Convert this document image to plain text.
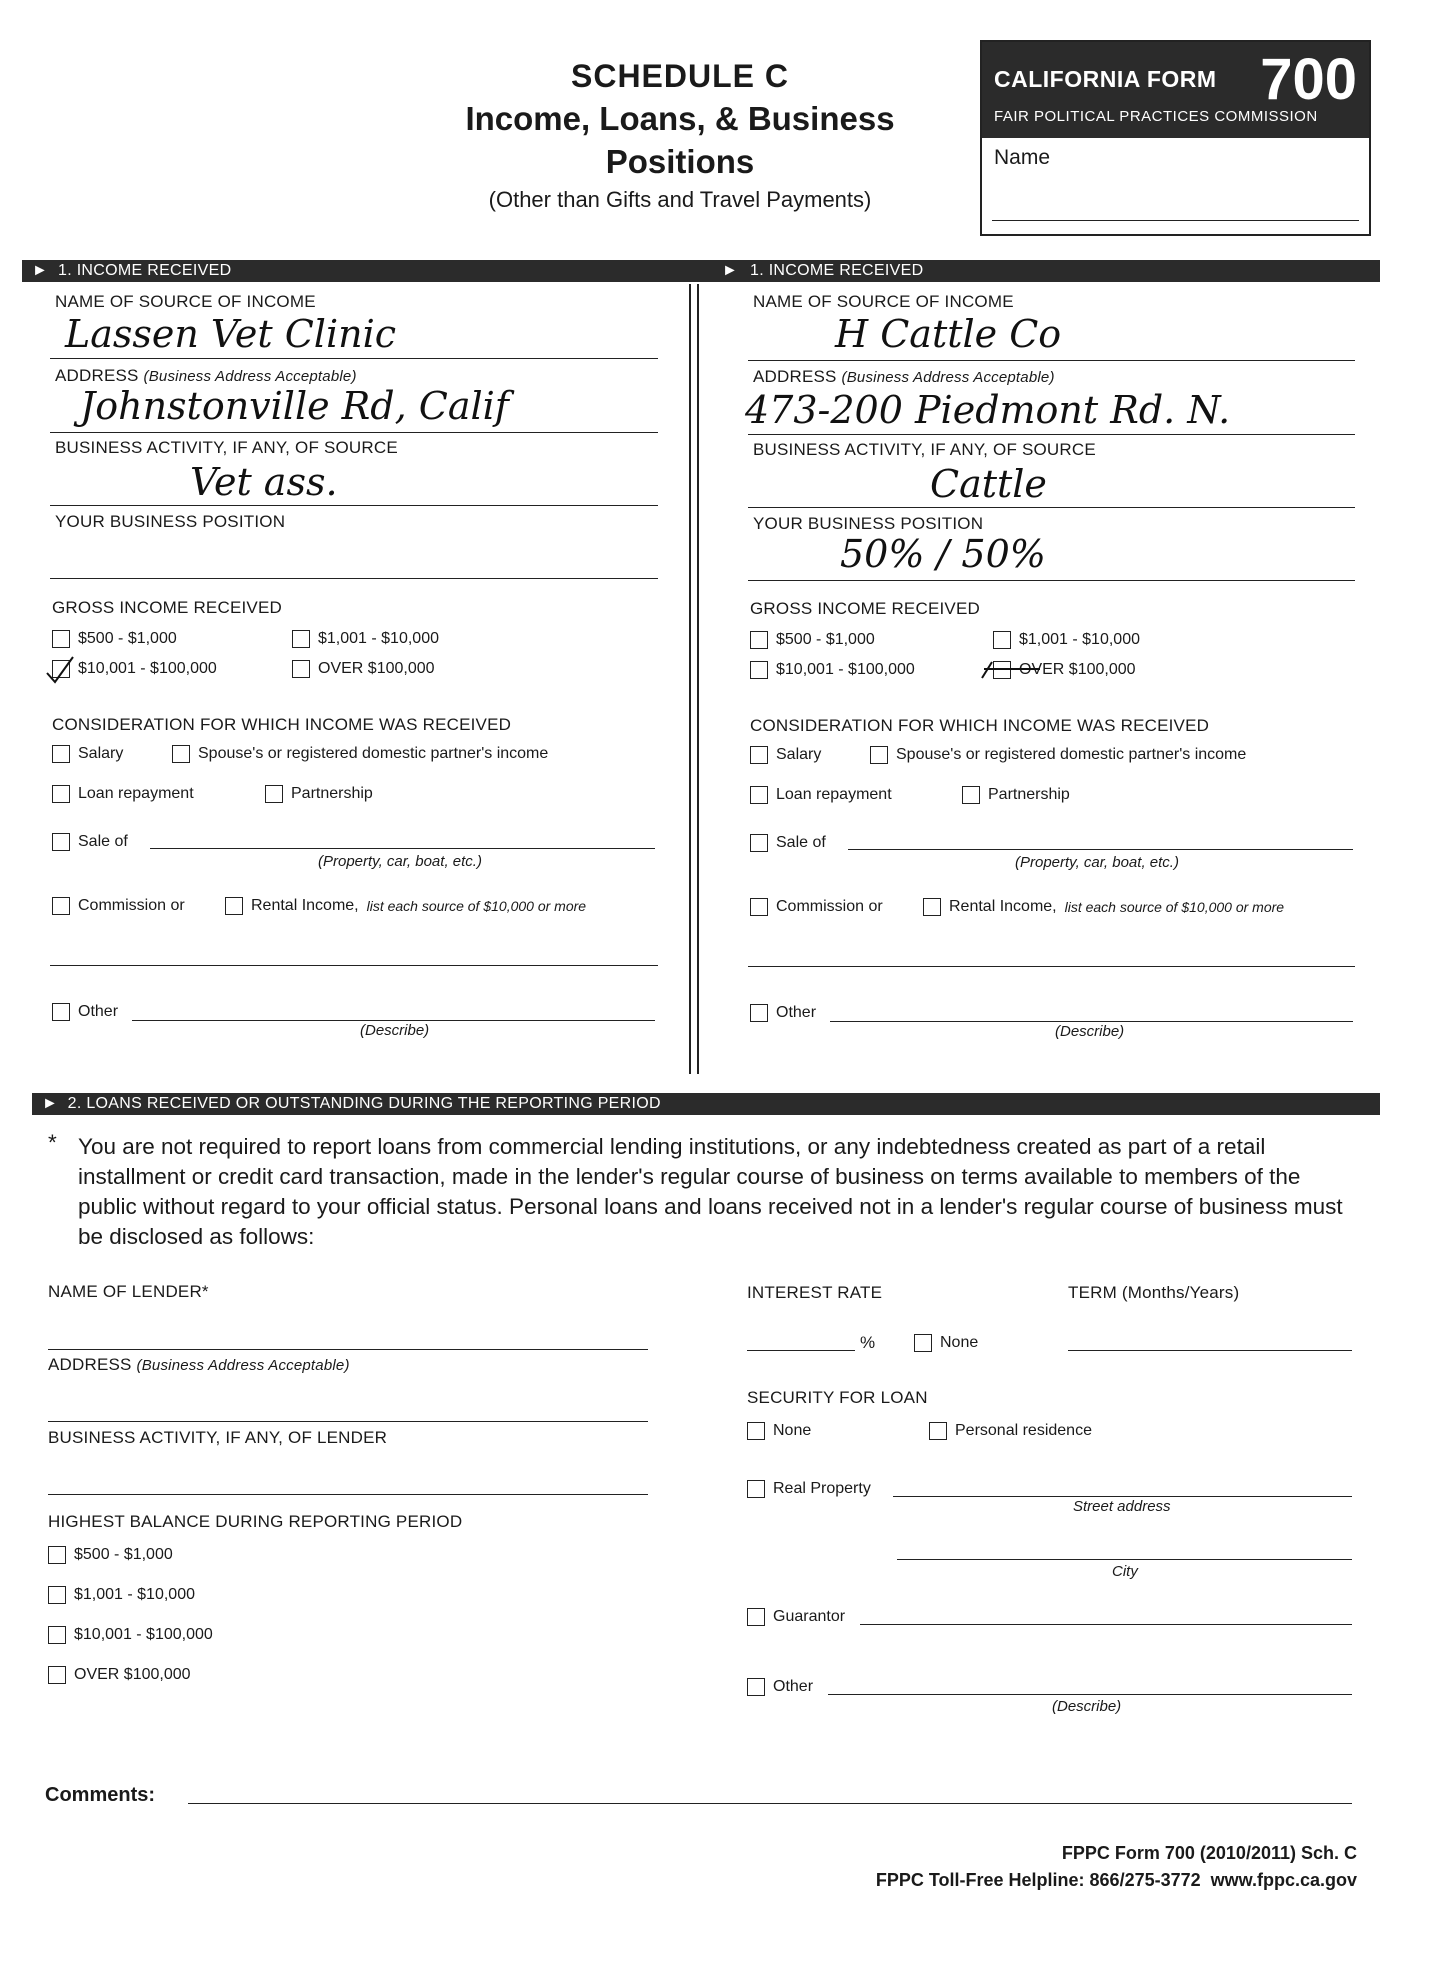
SCHEDULE C
Income, Loans, & Business
Positions
(Other than Gifts and Travel Payments)
CALIFORNIA FORM 700
FAIR POLITICAL PRACTICES COMMISSION
Name
► 1. INCOME RECEIVED	► 1. INCOME RECEIVED
NAME OF SOURCE OF INCOME
Lassen Vet Clinic
ADDRESS (Business Address Acceptable)
Johnstonville Rd, Calif
BUSINESS ACTIVITY, IF ANY, OF SOURCE
Vet ass.
YOUR BUSINESS POSITION
GROSS INCOME RECEIVED
$500 - $1,000	$1,001 - $10,000
$10,001 - $100,000	OVER $100,000
CONSIDERATION FOR WHICH INCOME WAS RECEIVED
Salary	Spouse's or registered domestic partner's income
Loan repayment	Partnership
Sale of
(Property, car, boat, etc.)
Commission or	Rental Income, list each source of $10,000 or more
Other
(Describe)
NAME OF SOURCE OF INCOME
H Cattle Co
ADDRESS (Business Address Acceptable)
473-200 Piedmont Rd. N.
BUSINESS ACTIVITY, IF ANY, OF SOURCE
Cattle
YOUR BUSINESS POSITION
50% / 50%
GROSS INCOME RECEIVED
$500 - $1,000	$1,001 - $10,000
$10,001 - $100,000	OVER $100,000
CONSIDERATION FOR WHICH INCOME WAS RECEIVED
Salary	Spouse's or registered domestic partner's income
Loan repayment	Partnership
Sale of
(Property, car, boat, etc.)
Commission or	Rental Income, list each source of $10,000 or more
Other
(Describe)
► 2. LOANS RECEIVED OR OUTSTANDING DURING THE REPORTING PERIOD
* You are not required to report loans from commercial lending institutions, or any indebtedness created as part of a retail installment or credit card transaction, made in the lender's regular course of business on terms available to members of the public without regard to your official status. Personal loans and loans received not in a lender's regular course of business must be disclosed as follows:
NAME OF LENDER*
ADDRESS (Business Address Acceptable)
BUSINESS ACTIVITY, IF ANY, OF LENDER
HIGHEST BALANCE DURING REPORTING PERIOD
$500 - $1,000
$1,001 - $10,000
$10,001 - $100,000
OVER $100,000
INTEREST RATE	TERM (Months/Years)
%	None
SECURITY FOR LOAN
None	Personal residence
Real Property
Street address
City
Guarantor
Other
(Describe)
Comments:
FPPC Form 700 (2010/2011) Sch. C
FPPC Toll-Free Helpline: 866/275-3772  www.fppc.ca.gov
